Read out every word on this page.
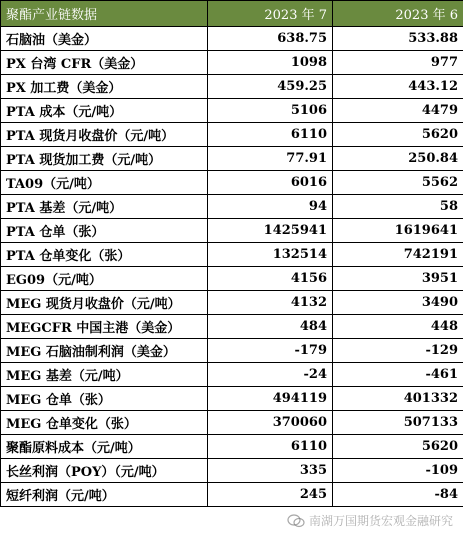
聚酯产业链数据	2023 年 7	2023 年 6
石脑油（美金）	638.75	533.88
PX 台湾 CFR（美金）	1098	977
PX 加工费（美金）	459.25	443.12
PTA 成本（元/吨）	5106	4479
PTA 现货月收盘价（元/吨）	6110	5620
PTA 现货加工费（元/吨）	77.91	250.84
TA09（元/吨）	6016	5562
PTA 基差（元/吨）	94	58
PTA 仓单（张）	1425941	1619641
PTA 仓单变化（张）	132514	742191
EG09（元/吨）	4156	3951
MEG 现货月收盘价（元/吨）	4132	3490
MEGCFR 中国主港（美金）	484	448
MEG 石脑油制利润（美金）	-179	-129
MEG 基差（元/吨）	-24	-461
MEG 仓单（张）	494119	401332
MEG 仓单变化（张）	370060	507133
聚酯原料成本（元/吨）	6110	5620
长丝利润（POY）（元/吨）	335	-109
短纤利润（元/吨）	245	-84
南湖万国期货宏观金融研究
